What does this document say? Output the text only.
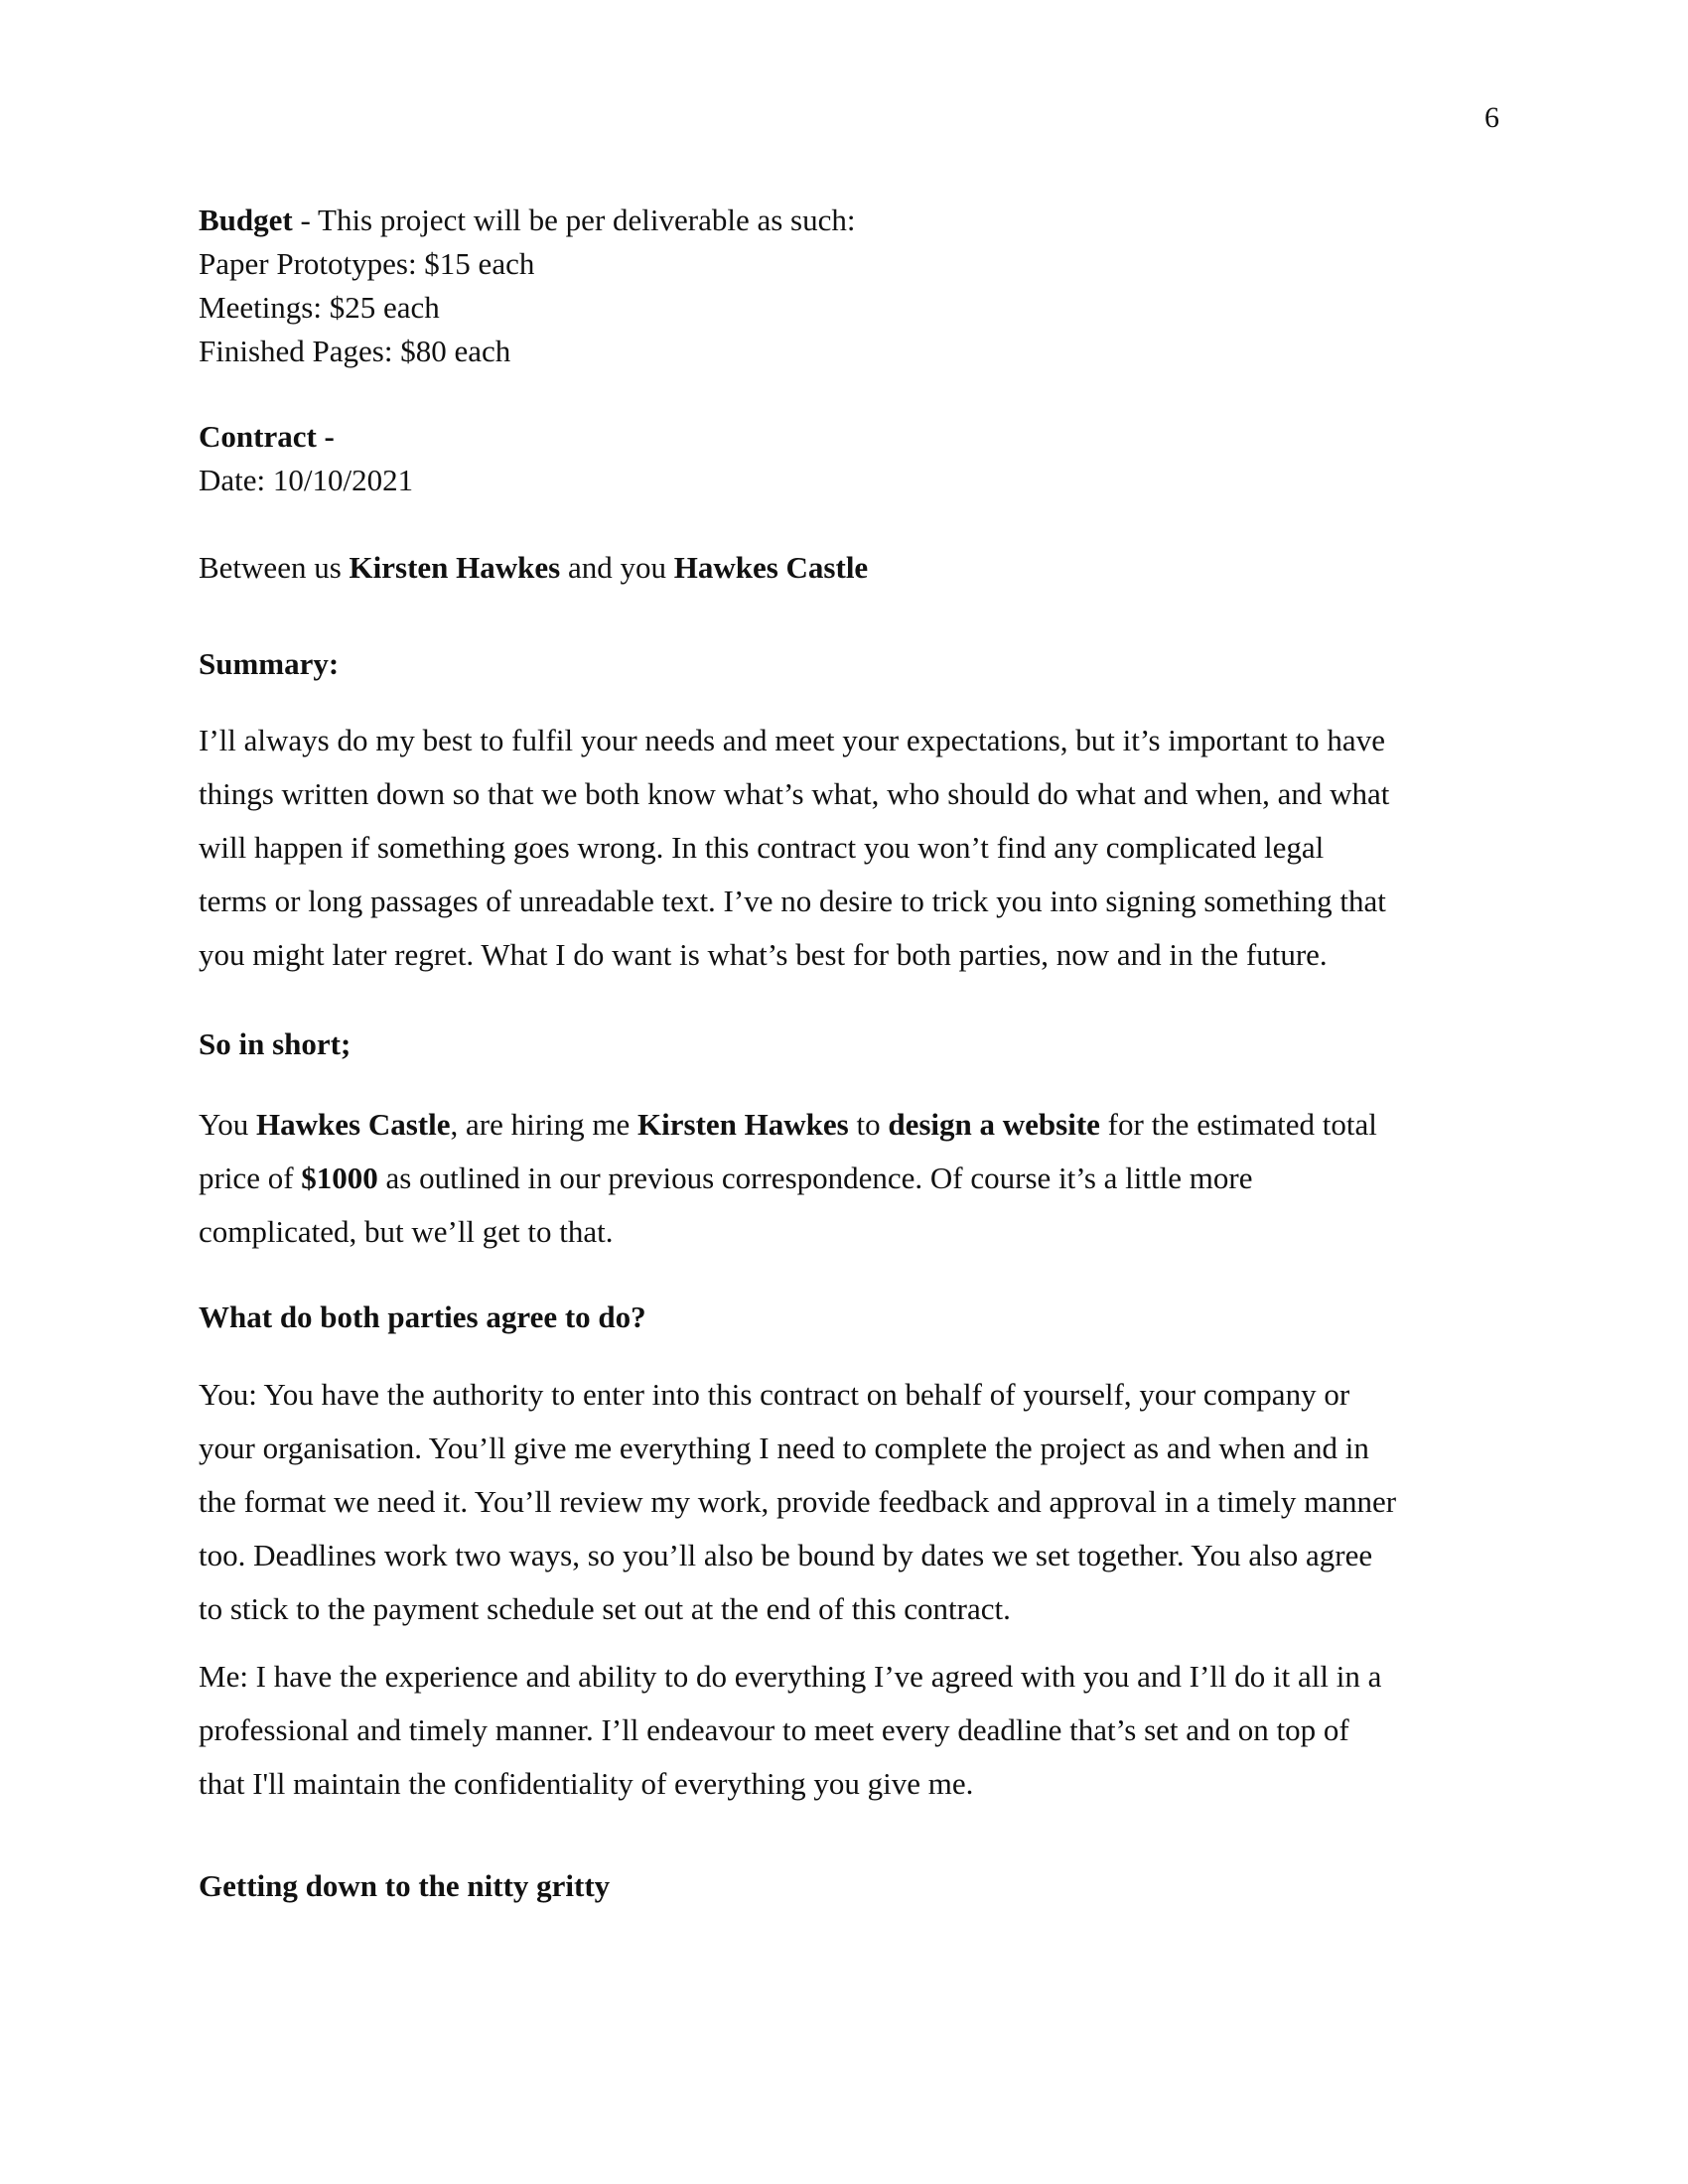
6
Budget - This project will be per deliverable as such:
Paper Prototypes: $15 each
Meetings: $25 each
Finished Pages: $80 each
Contract -
Date: 10/10/2021
Between us Kirsten Hawkes and you Hawkes Castle
Summary:
I’ll always do my best to fulfil your needs and meet your expectations, but it’s important to have
things written down so that we both know what’s what, who should do what and when, and what
will happen if something goes wrong. In this contract you won’t find any complicated legal
terms or long passages of unreadable text. I’ve no desire to trick you into signing something that
you might later regret. What I do want is what’s best for both parties, now and in the future.
So in short;
You Hawkes Castle, are hiring me Kirsten Hawkes to design a website for the estimated total
price of $1000 as outlined in our previous correspondence. Of course it’s a little more
complicated, but we’ll get to that.
What do both parties agree to do?
You: You have the authority to enter into this contract on behalf of yourself, your company or
your organisation. You’ll give me everything I need to complete the project as and when and in
the format we need it. You’ll review my work, provide feedback and approval in a timely manner
too. Deadlines work two ways, so you’ll also be bound by dates we set together. You also agree
to stick to the payment schedule set out at the end of this contract.
Me: I have the experience and ability to do everything I’ve agreed with you and I’ll do it all in a
professional and timely manner. I’ll endeavour to meet every deadline that’s set and on top of
that I'll maintain the confidentiality of everything you give me.
Getting down to the nitty gritty
